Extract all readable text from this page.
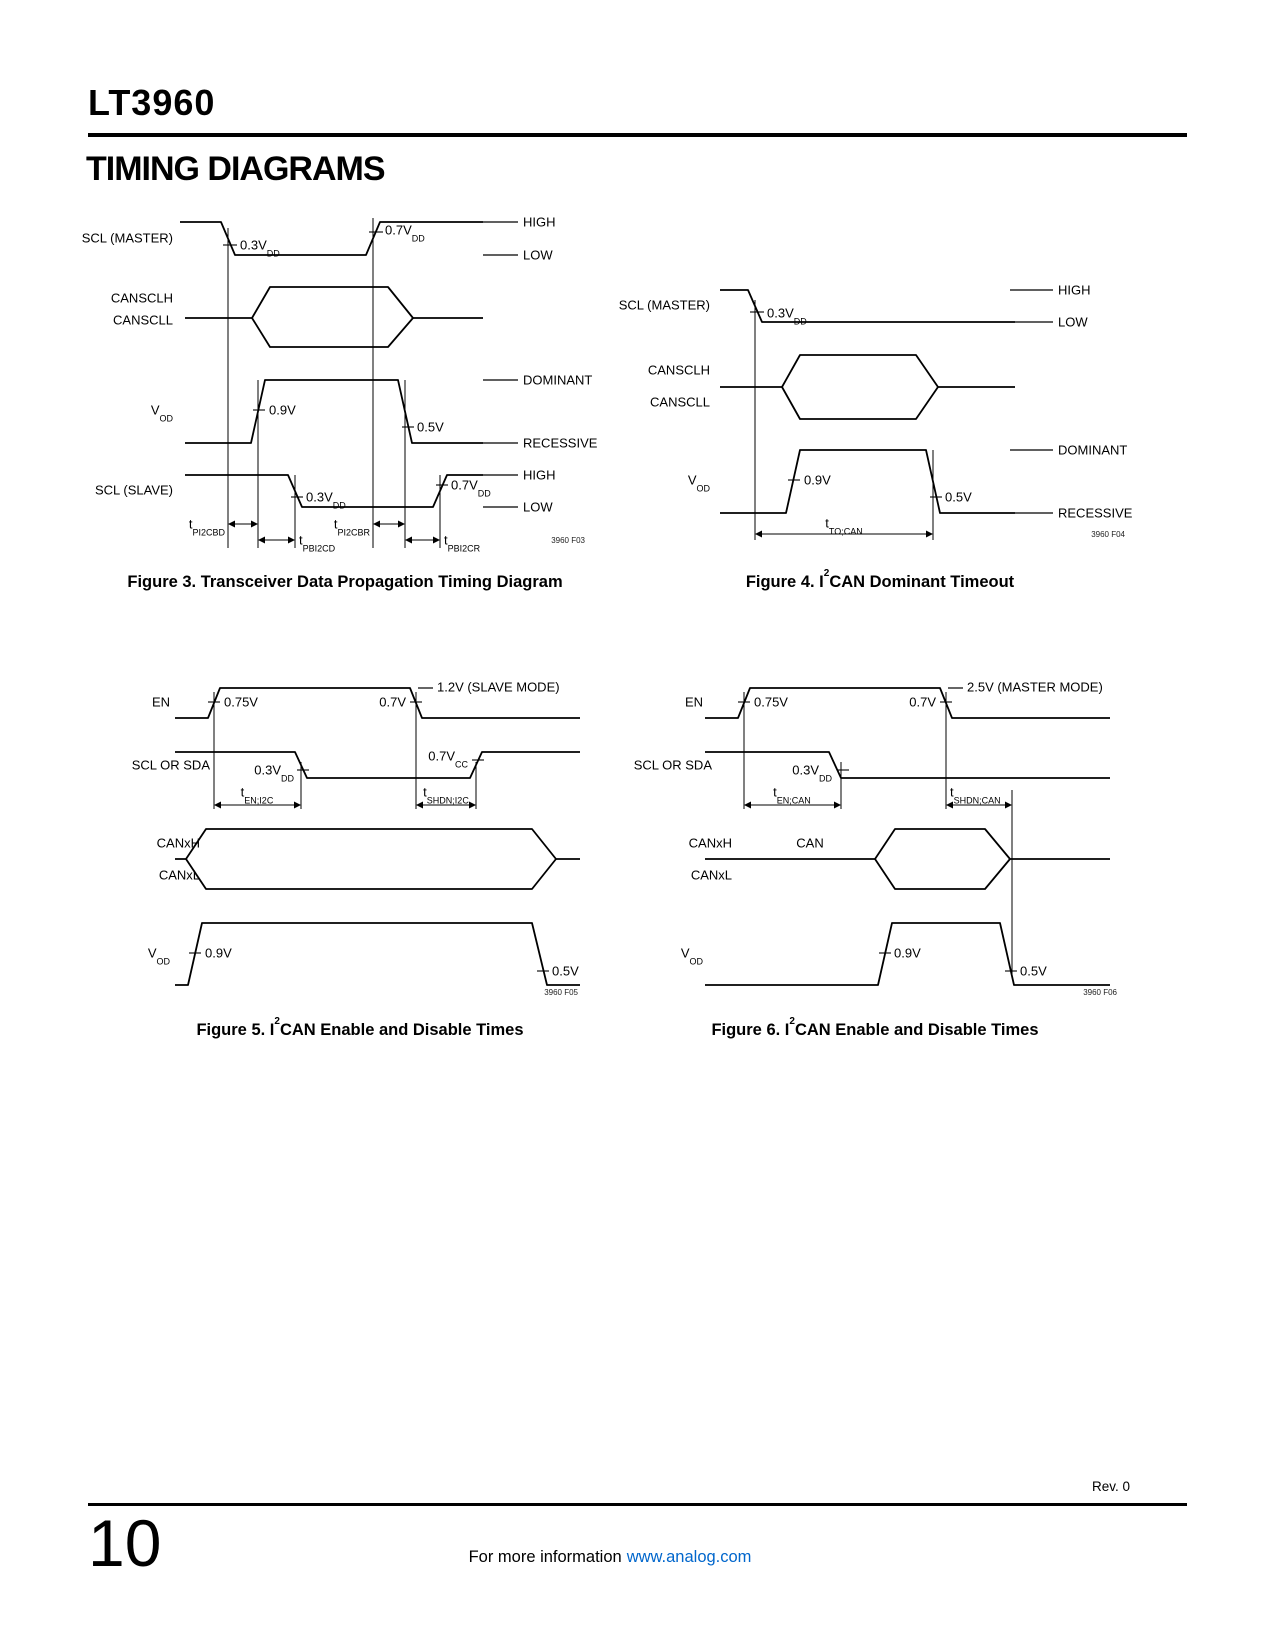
LT3960
TIMING DIAGRAMS
SCL (MASTER)	$0.3V_{DD}$
$0.7V_{DD}$
HIGH
LOW
CANSCLH
CANSCLL
$V_{OD}$
0.9V
0.5V
DOMINANT
RECESSIVE
SCL (SLAVE)	$0.3V_{DD}$
$0.7V_{DD}$
HIGH
LOW
$t_{PI2CBD}$
$t_{PI2CBR}$
$t_{PBI2CD}$
$t_{PBI2CR}$
3960 F03
Figure 3. Transceiver Data Propagation Timing Diagram
SCL (MASTER)
$0.3V_{DD}$
HIGH
LOW
CANSCLH
CANSCLL
$V_{OD}$
0.9V
0.5V
DOMINANT
RECESSIVE
$t_{TO;CAN}$	3960 F04
Figure 4. $I^2CAN$ Dominant Timeout
EN	0.75V	0.7V
1.2V (SLAVE MODE)
SCL OR SDA	$0.3V_{DD}$
$0.7V_{CC}$
$t_{EN;I2C}$
$t_{SHDN;I2C}$
CANxH
CANxL
$V_{OD}$
0.9V
0.5V
3960 F05
Figure 5. $I^2CAN$ Enable and Disable Times
EN	0.75V	0.7V
2.5V (MASTER MODE)
SCL OR SDA	$0.3V_{DD}$
$t_{EN;CAN}$
$t_{SHDN;CAN}$
CANxH
CANxL
CAN
$V_{OD}$
0.9V
0.5V
3960 F06
Figure 6. $I^2CAN$ Enable and Disable Times
Rev. 0
10	For more information www.analog.com
